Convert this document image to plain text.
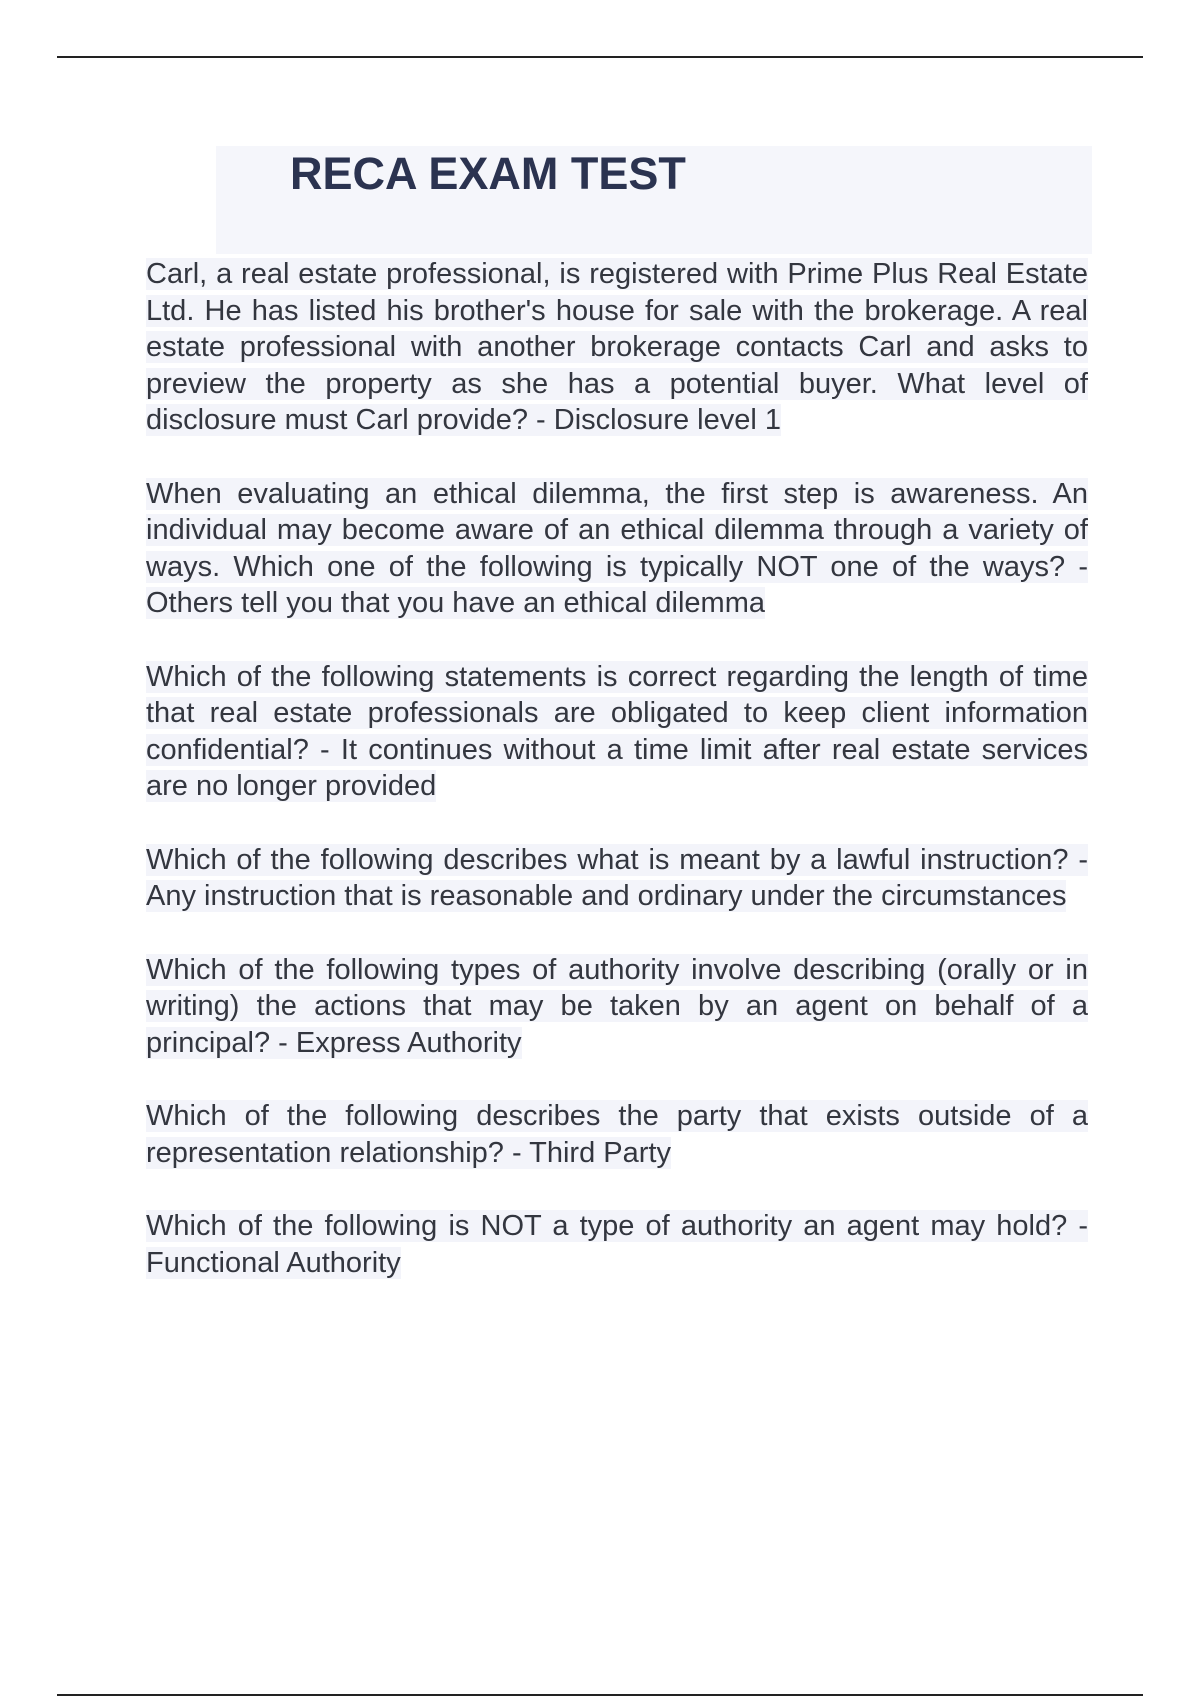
RECA EXAM TEST

Carl, a real estate professional, is registered with Prime Plus Real Estate Ltd. He has listed his brother's house for sale with the brokerage. A real estate professional with another brokerage contacts Carl and asks to preview the property as she has a potential buyer. What level of disclosure must Carl provide? - Disclosure level 1

When evaluating an ethical dilemma, the first step is awareness. An individual may become aware of an ethical dilemma through a variety of ways. Which one of the following is typically NOT one of the ways? - Others tell you that you have an ethical dilemma

Which of the following statements is correct regarding the length of time that real estate professionals are obligated to keep client information confidential? - It continues without a time limit after real estate services are no longer provided

Which of the following describes what is meant by a lawful instruction? - Any instruction that is reasonable and ordinary under the circumstances

Which of the following types of authority involve describing (orally or in writing) the actions that may be taken by an agent on behalf of a principal? - Express Authority

Which of the following describes the party that exists outside of a representation relationship? - Third Party

Which of the following is NOT a type of authority an agent may hold? - Functional Authority
